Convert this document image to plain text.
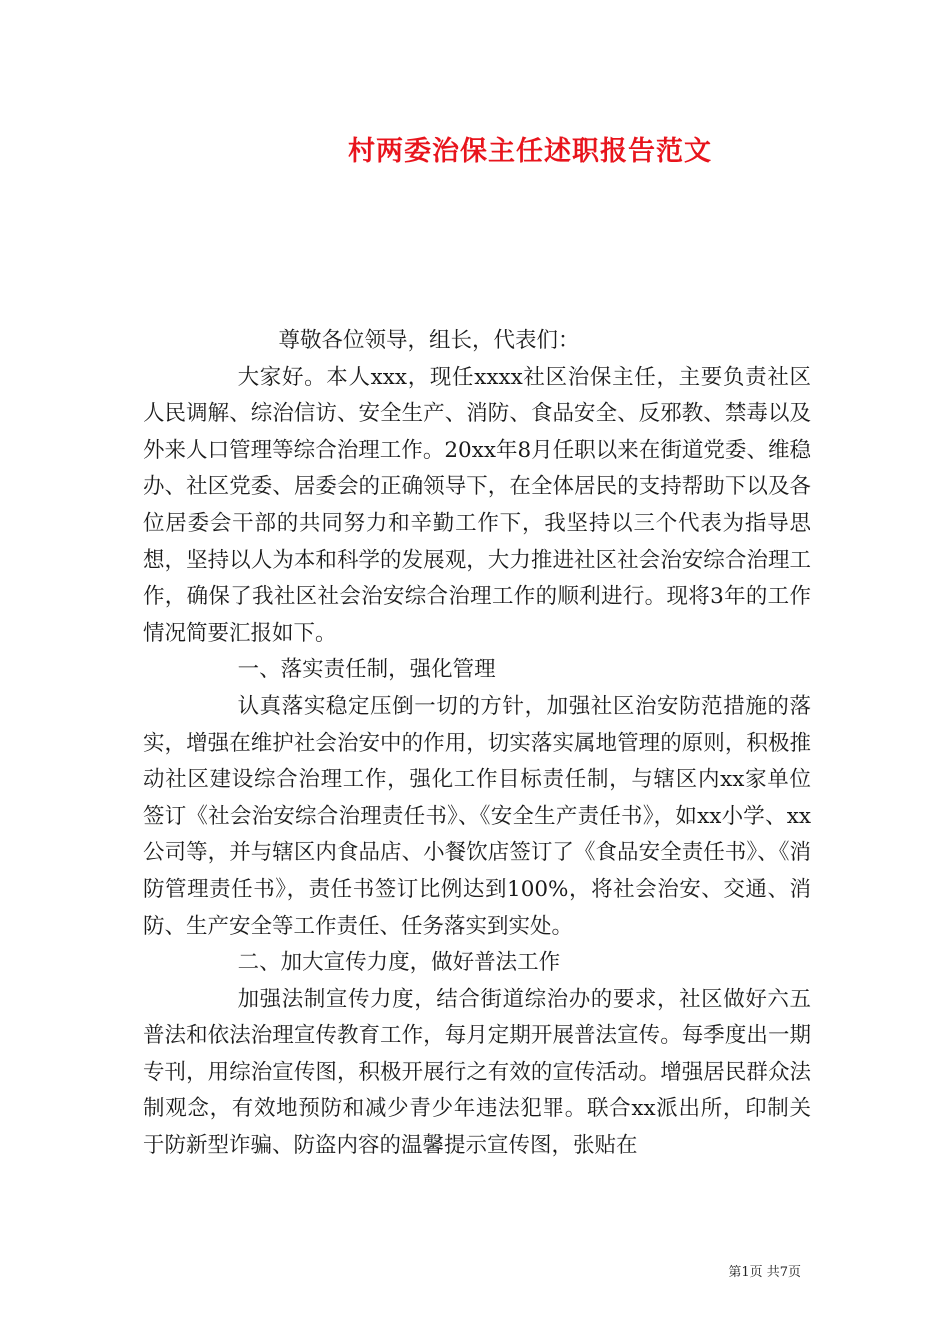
村两委治保主任述职报告范文

尊敬各位领导，组长，代表们：

大家好。本人xxx，现任xxxx社区治保主任，主要负责社区人民调解、综治信访、安全生产、消防、食品安全、反邪教、禁毒以及外来人口管理等综合治理工作。20xx年8月任职以来在街道党委、维稳办、社区党委、居委会的正确领导下，在全体居民的支持帮助下以及各位居委会干部的共同努力和辛勤工作下，我坚持以三个代表为指导思想，坚持以人为本和科学的发展观，大力推进社区社会治安综合治理工作，确保了我社区社会治安综合治理工作的顺利进行。现将3年的工作情况简要汇报如下。

一、落实责任制，强化管理

认真落实稳定压倒一切的方针，加强社区治安防范措施的落实，增强在维护社会治安中的作用，切实落实属地管理的原则，积极推动社区建设综合治理工作，强化工作目标责任制，与辖区内xx家单位签订《社会治安综合治理责任书》、《安全生产责任书》，如xx小学、xx公司等，并与辖区内食品店、小餐饮店签订了《食品安全责任书》、《消防管理责任书》，责任书签订比例达到100%，将社会治安、交通、消防、生产安全等工作责任、任务落实到实处。

二、加大宣传力度，做好普法工作

加强法制宣传力度，结合街道综治办的要求，社区做好六五普法和依法治理宣传教育工作，每月定期开展普法宣传。每季度出一期专刊，用综治宣传图，积极开展行之有效的宣传活动。增强居民群众法制观念，有效地预防和减少青少年违法犯罪。联合xx派出所，印制关于防新型诈骗、防盗内容的温馨提示宣传图，张贴在

第1页 共7页
